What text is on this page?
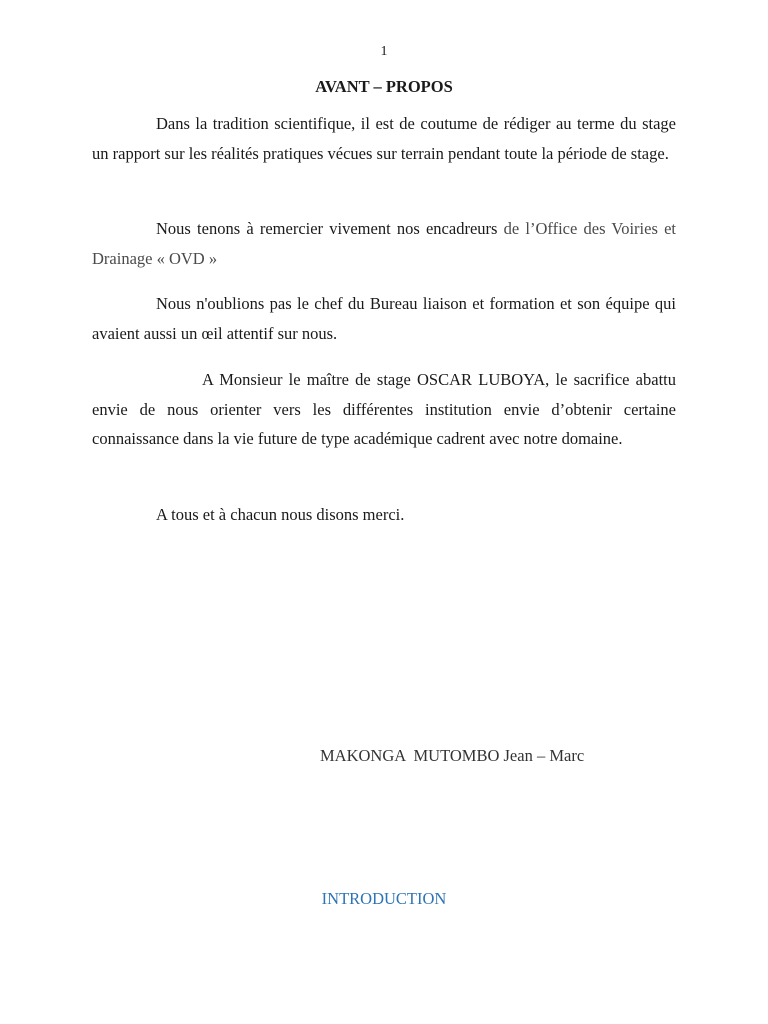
1
AVANT – PROPOS

Dans la tradition scientifique, il est de coutume de rédiger au terme du stage un rapport sur les réalités pratiques vécues sur terrain pendant toute la période de stage.

Nous tenons à remercier vivement nos encadreurs de l’Office des Voiries et Drainage « OVD »

Nous n'oublions pas le chef du Bureau liaison et formation et son équipe qui avaient aussi un œil attentif sur nous.

A Monsieur le maître de stage OSCAR LUBOYA, le sacrifice abattu envie de nous orienter vers les différentes institution envie d’obtenir certaine connaissance dans la vie future de type académique cadrent avec notre domaine.

A tous et à chacun nous disons merci.

MAKONGA  MUTOMBO Jean – Marc
INTRODUCTION
